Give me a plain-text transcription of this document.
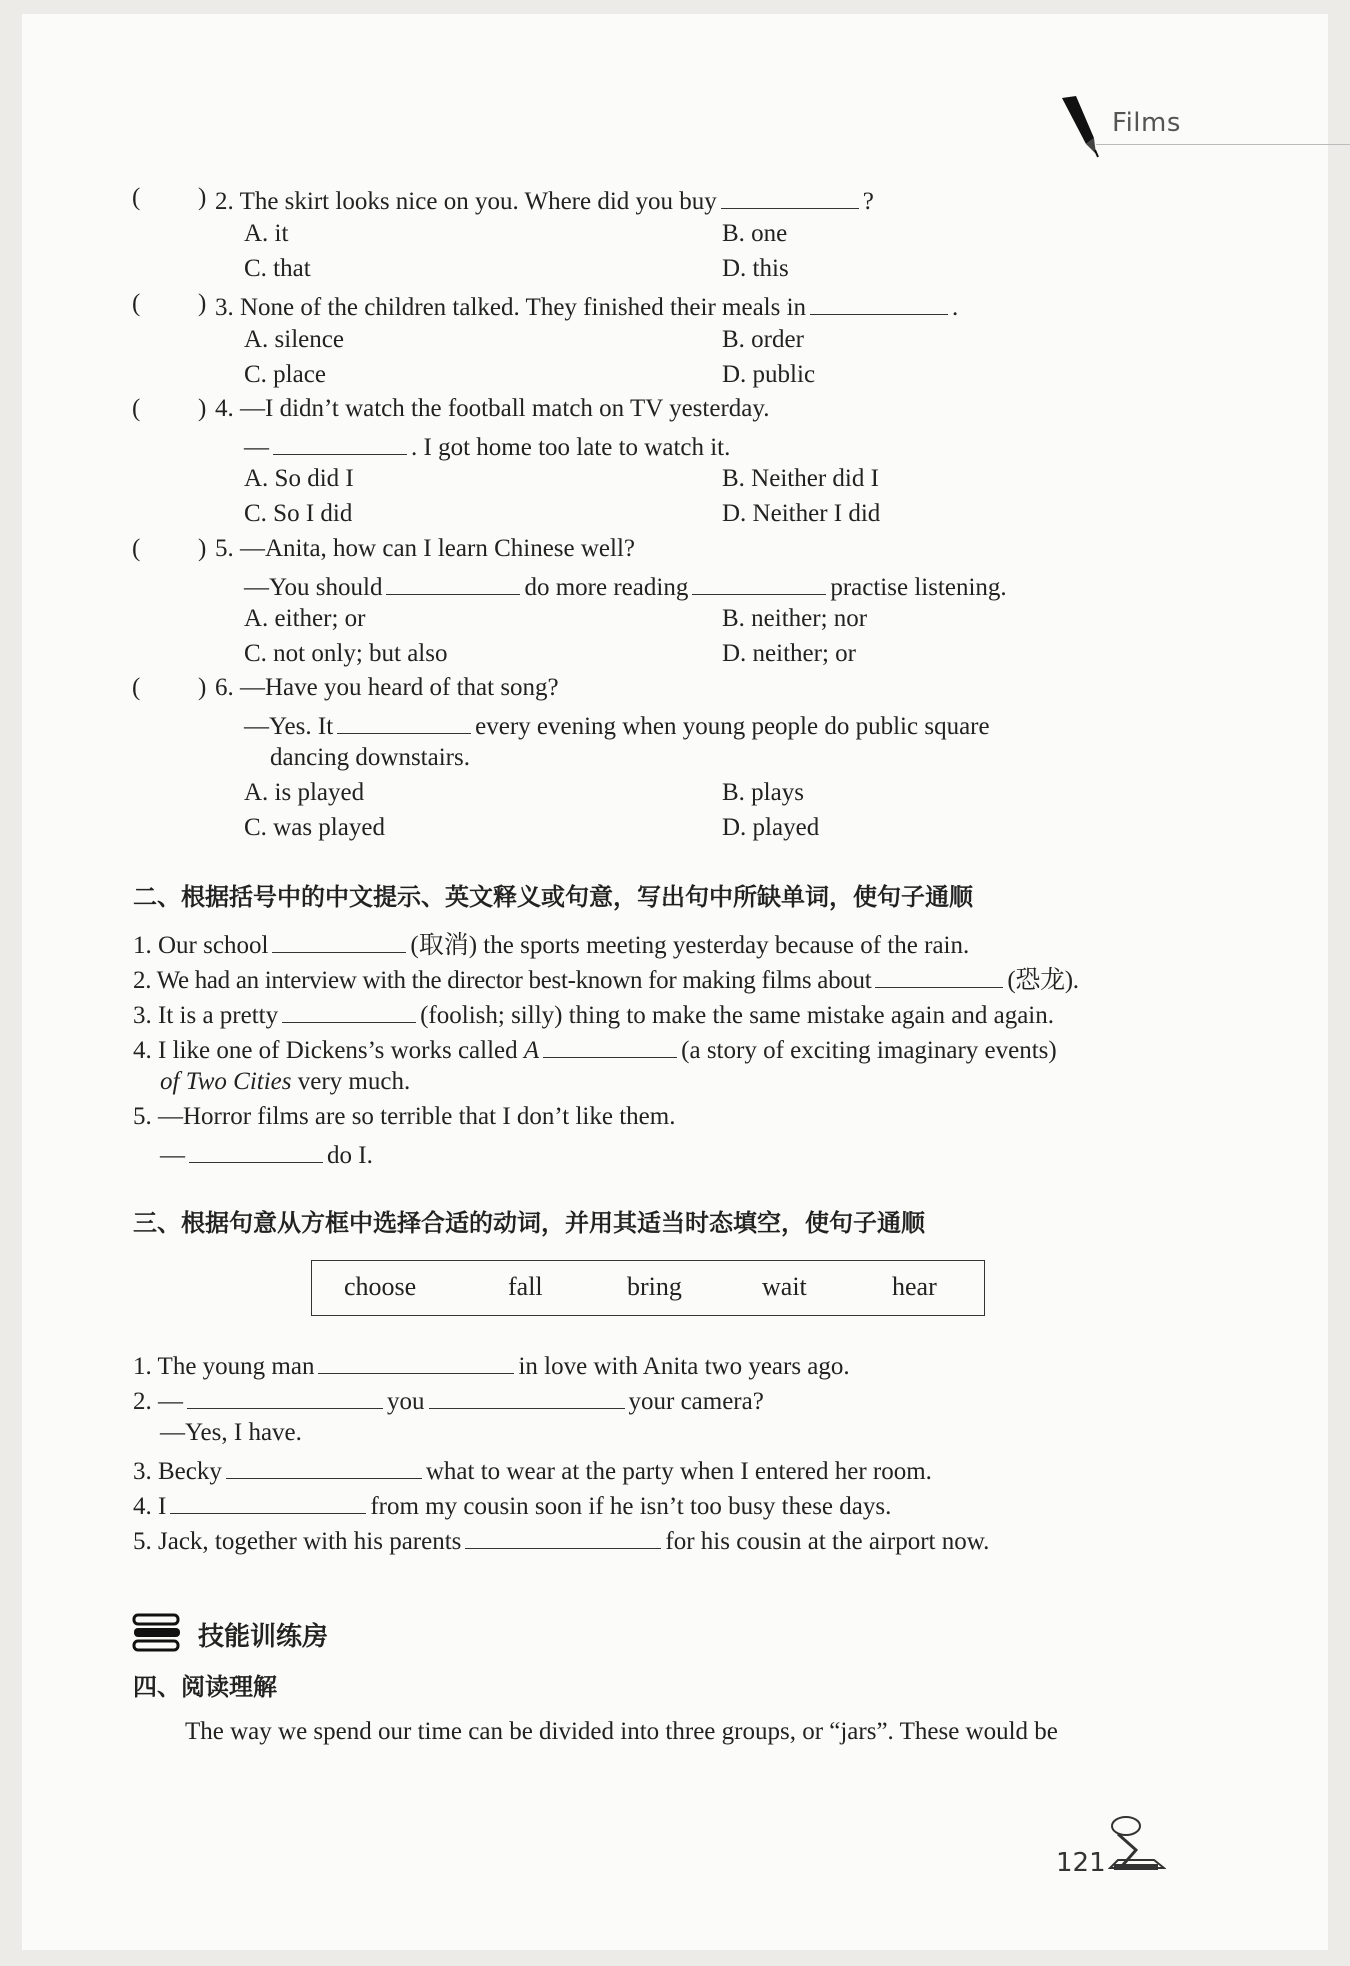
Films
( ) 2. The skirt looks nice on you. Where did you buy	?
A. it	B. one
C. that	D. this
( ) 3. None of the children talked. They finished their meals in	.
A. silence	B. order
C. place	D. public
( ) 4. —I didn’t watch the football match on TV yesterday.
—	. I got home too late to watch it.
A. So did I	B. Neither did I
C. So I did	D. Neither I did
( ) 5. —Anita, how can I learn Chinese well?
—You should	do more reading	practise listening.
A. either; or	B. neither; nor
C. not only; but also	D. neither; or
( ) 6. —Have you heard of that song?
—Yes. It	every evening when young people do public square
dancing downstairs.
A. is played	B. plays
C. was played	D. played
二、根据括号中的中文提示、英文释义或句意，写出句中所缺单词，使句子通顺
1. Our school	(取消) the sports meeting yesterday because of the rain.
2. We had an interview with the director best-known for making films about	(恐龙).
3. It is a pretty	(foolish; silly) thing to make the same mistake again and again.
4. I like one of Dickens’s works called A	(a story of exciting imaginary events)
of Two Cities very much.
5. —Horror films are so terrible that I don’t like them.
—	do I.
三、根据句意从方框中选择合适的动词，并用其适当时态填空，使句子通顺
choose	fall	bring	wait	hear
1. The young man	in love with Anita two years ago.
2. —	you	your camera?
—Yes, I have.
3. Becky	what to wear at the party when I entered her room.
4. I	from my cousin soon if he isn’t too busy these days.
5. Jack, together with his parents	for his cousin at the airport now.
技能训练房
四、阅读理解
The way we spend our time can be divided into three groups, or “jars”. These would be
121
